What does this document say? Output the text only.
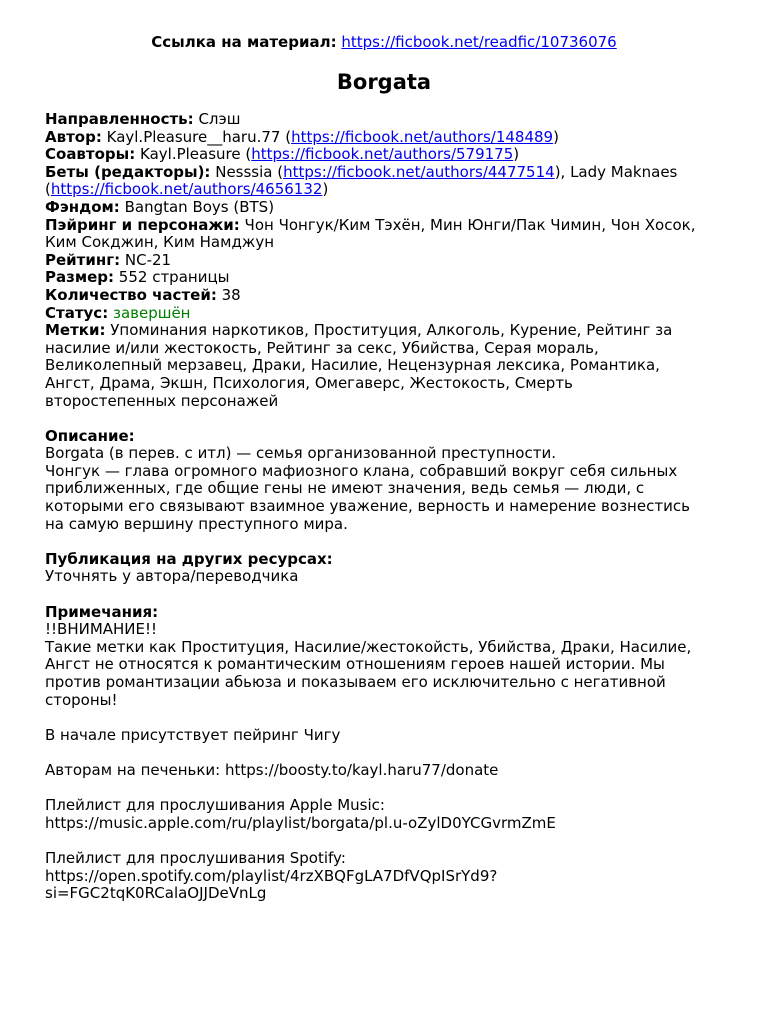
Ссылка на материал: https://ficbook.net/readfic/10736076
Borgata
Направленность: Слэш
Автор: Kayl.Pleasure__haru.77 (https://ficbook.net/authors/148489)
Соавторы: Kayl.Pleasure (https://ficbook.net/authors/579175)
Беты (редакторы): Nesssia (https://ficbook.net/authors/4477514), Lady Maknaes
(https://ficbook.net/authors/4656132)
Фэндом: Bangtan Boys (BTS)
Пэйринг и персонажи: Чон Чонгук/Ким Тэхён, Мин Юнги/Пак Чимин, Чон Хосок,
Ким Сокджин, Ким Намджун
Рейтинг: NC-21
Размер: 552 страницы
Количество частей: 38
Статус: завершён
Метки: Упоминания наркотиков, Проституция, Алкоголь, Курение, Рейтинг за
насилие и/или жестокость, Рейтинг за секс, Убийства, Серая мораль,
Великолепный мерзавец, Драки, Насилие, Нецензурная лексика, Романтика,
Ангст, Драма, Экшн, Психология, Омегаверс, Жестокость, Смерть
второстепенных персонажей
Описание:
Borgata (в перев. с итл) — семья организованной преступности.
Чонгук — глава огромного мафиозного клана, собравший вокруг себя сильных
приближенных, где общие гены не имеют значения, ведь семья — люди, с
которыми его связывают взаимное уважение, верность и намерение вознестись
на самую вершину преступного мира.
Публикация на других ресурсах:
Уточнять у автора/переводчика
Примечания:
!!ВНИМАНИЕ!!
Такие метки как Проституция, Насилие/жестокойсть, Убийства, Драки, Насилие,
Ангст не относятся к романтическим отношениям героев нашей истории. Мы
против романтизации абьюза и показываем его исключительно с негативной
стороны!
В начале присутствует пейринг Чигу
Авторам на печеньки: https://boosty.to/kayl.haru77/donate
Плейлист для прослушивания Apple Music:
https://music.apple.com/ru/playlist/borgata/pl.u-oZylD0YCGvrmZmE
Плейлист для прослушивания Spotify:
https://open.spotify.com/playlist/4rzXBQFgLA7DfVQpISrYd9?
si=FGC2tqK0RCalaOJJDeVnLg
